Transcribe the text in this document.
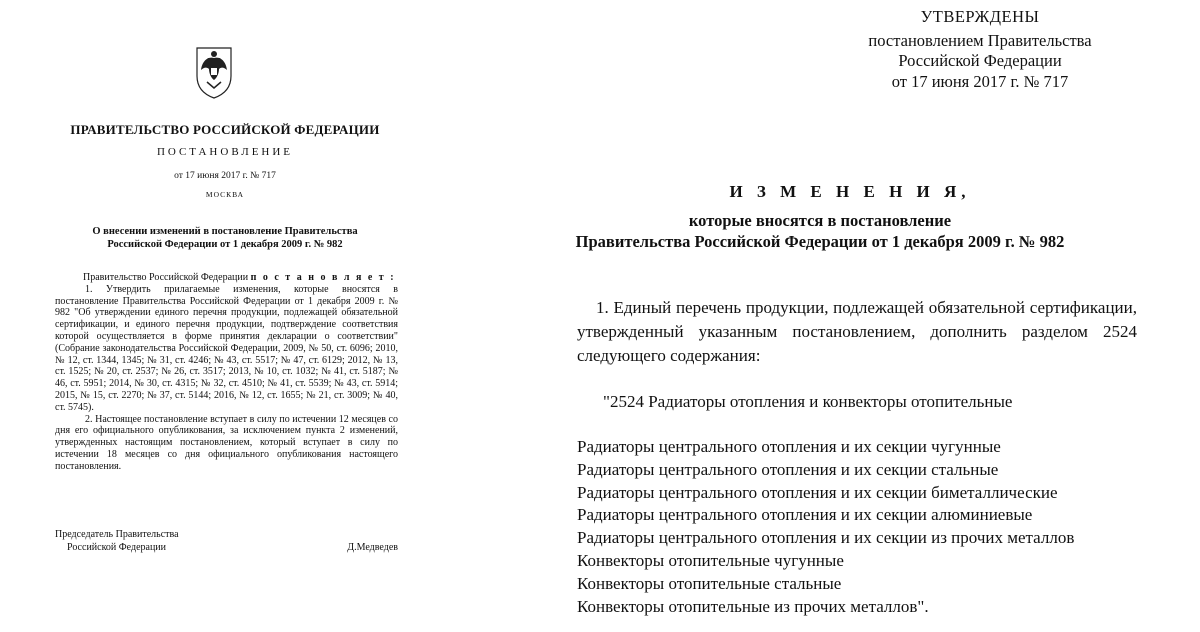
ПРАВИТЕЛЬСТВО РОССИЙСКОЙ ФЕДЕРАЦИИ
ПОСТАНОВЛЕНИЕ
от 17 июня 2017 г. № 717
МОСКВА
О внесении изменений в постановление Правительства
Российской Федерации от 1 декабря 2009 г. № 982

Правительство Российской Федерации п о с т а н о в л я е т :

1. Утвердить прилагаемые изменения, которые вносятся в постановление Правительства Российской Федерации от 1 декабря 2009 г. № 982 "Об утверждении единого перечня продукции, подлежащей обязательной сертификации, и единого перечня продукции, подтверждение соответствия которой осуществляется в форме принятия декларации о соответствии" (Собрание законодательства Российской Федерации, 2009, № 50, ст. 6096; 2010, № 12, ст. 1344, 1345; № 31, ст. 4246; № 43, ст. 5517; № 47, ст. 6129; 2012, № 13, ст. 1525; № 20, ст. 2537; № 26, ст. 3517; 2013, № 10, ст. 1032; № 41, ст. 5187; № 46, ст. 5951; 2014, № 30, ст. 4315; № 32, ст. 4510; № 41, ст. 5539; № 43, ст. 5914; 2015, № 15, ст. 2270; № 37, ст. 5144; 2016, № 12, ст. 1655; № 21, ст. 3009; № 40, ст. 5745).

2. Настоящее постановление вступает в силу по истечении 12 месяцев со дня его официального опубликования, за исключением пункта 2 изменений, утвержденных настоящим постановлением, который вступает в силу по истечении 18 месяцев со дня официального опубликования настоящего постановления.

Председатель Правительства
Российской Федерации	Д.Медведев
УТВЕРЖДЕНЫ
постановлением Правительства
Российской Федерации
от 17 июня 2017 г. № 717
И З М Е Н Е Н И Я,
которые вносятся в постановление
Правительства Российской Федерации от 1 декабря 2009 г. № 982

1. Единый перечень продукции, подлежащей обязательной сертификации, утвержденный указанным постановлением, дополнить разделом 2524 следующего содержания:

"2524 Радиаторы отопления и конвекторы отопительные
Радиаторы центрального отопления и их секции чугунные
Радиаторы центрального отопления и их секции стальные
Радиаторы центрального отопления и их секции биметаллические
Радиаторы центрального отопления и их секции алюминиевые
Радиаторы центрального отопления и их секции из прочих металлов
Конвекторы отопительные чугунные
Конвекторы отопительные стальные
Конвекторы отопительные из прочих металлов".
